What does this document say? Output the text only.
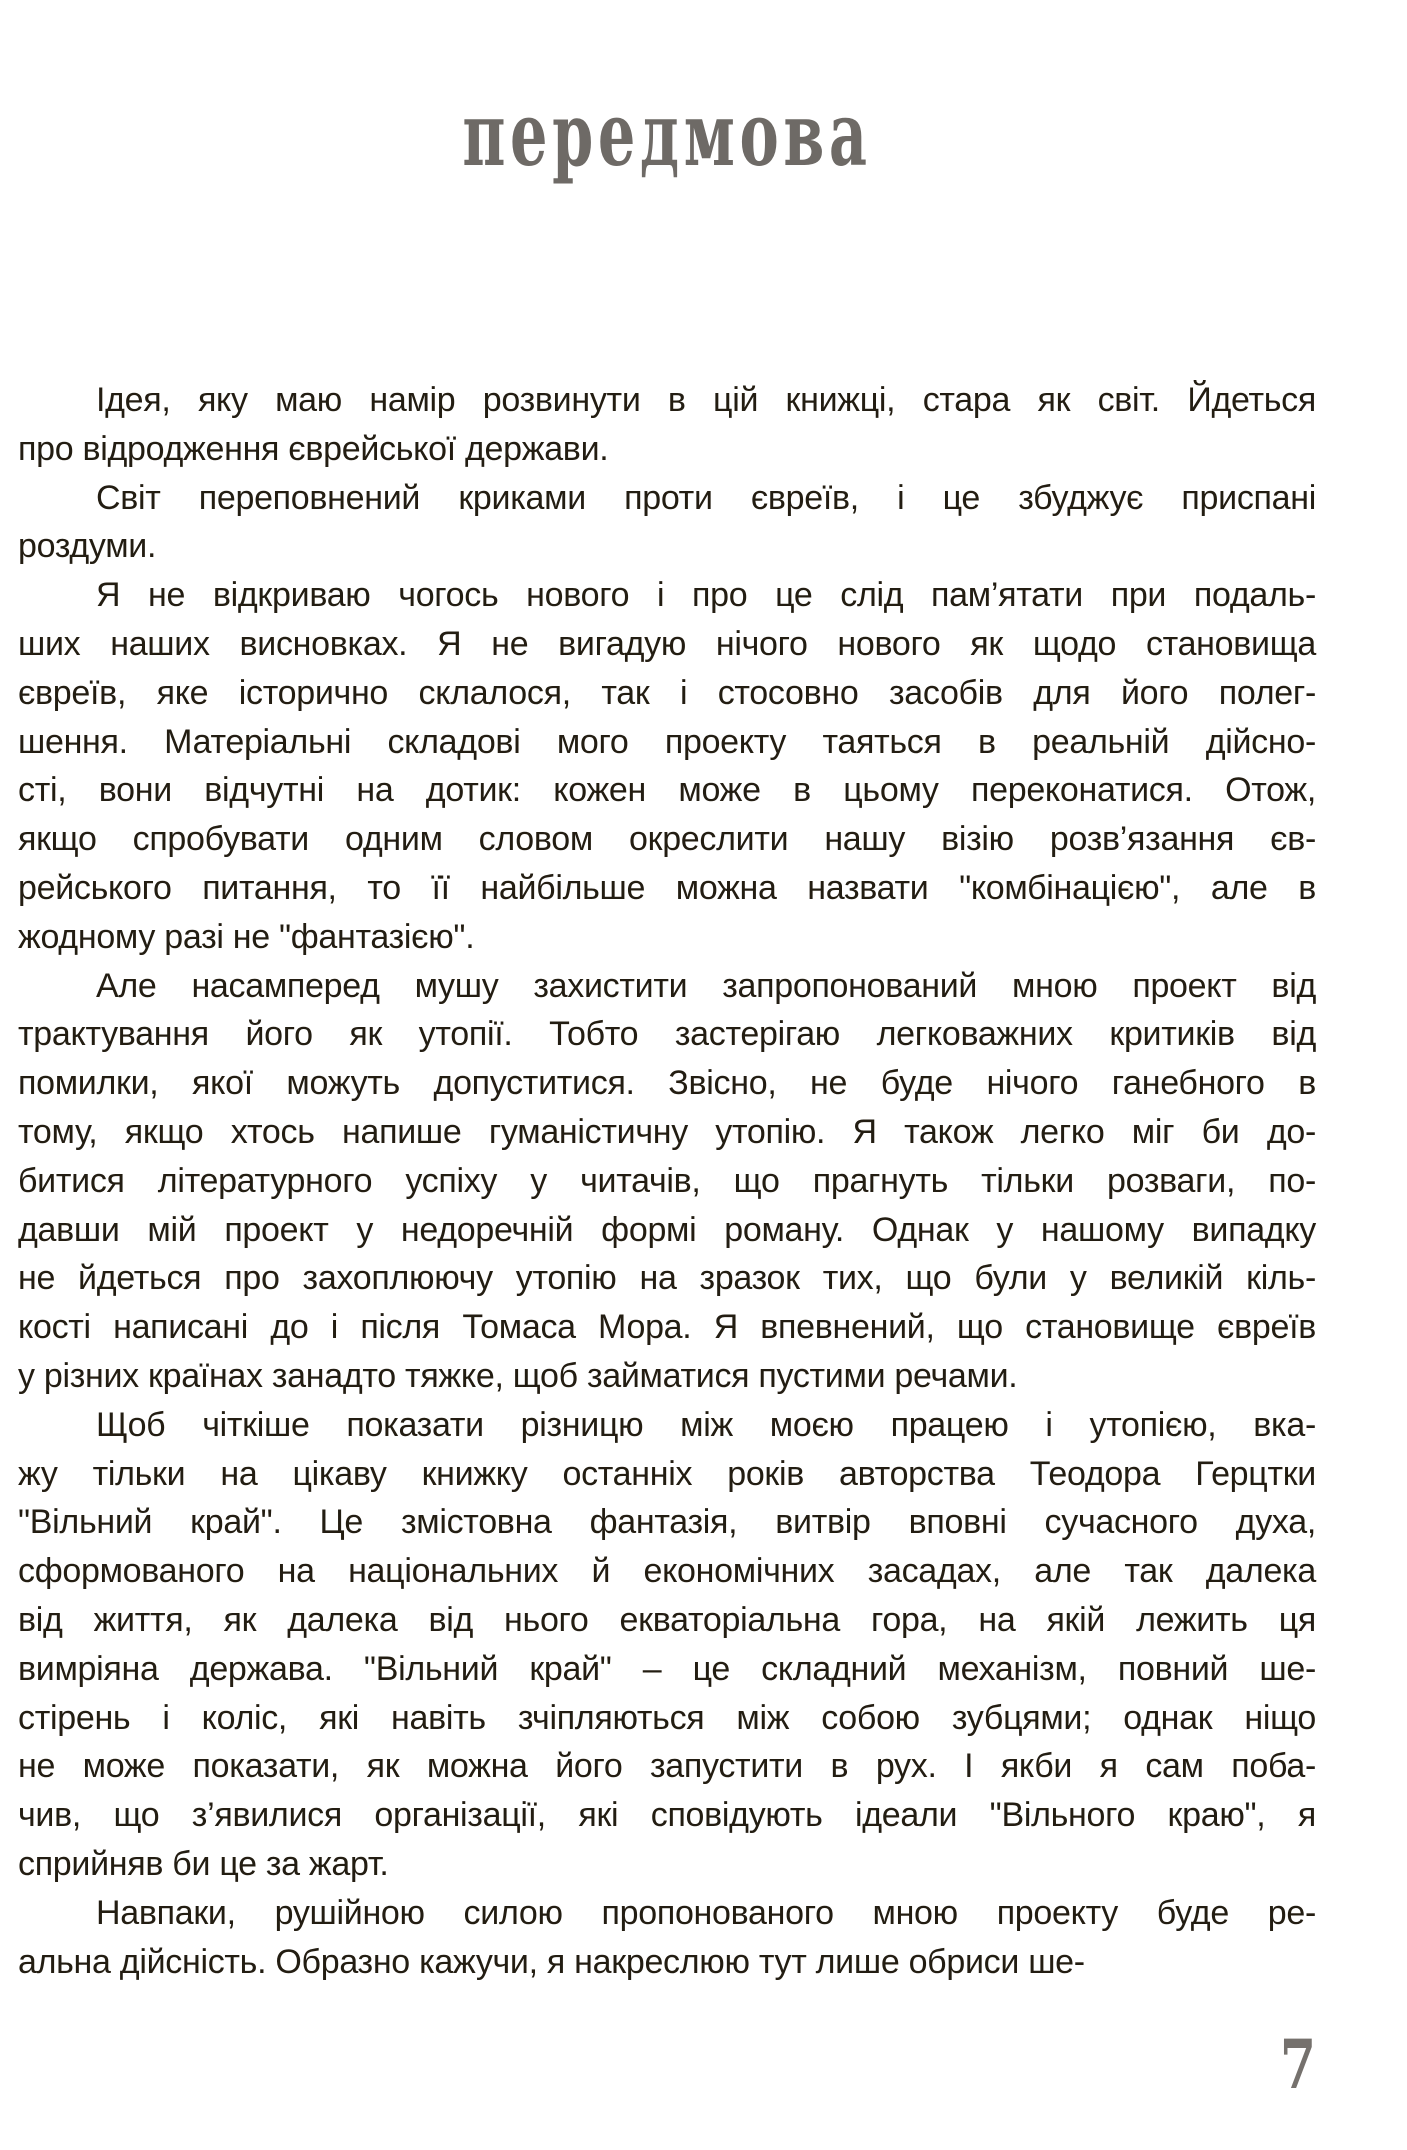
передмова
Ідея, яку маю намір розвинути в цій книжці, стара як світ. Йдеться
про відродження єврейської держави.
Світ переповнений криками проти євреїв, і це збуджує приспані
роздуми.
Я не відкриваю чогось нового і про це слід пам’ятати при подаль-
ших наших висновках. Я не вигадую нічого нового як щодо становища
євреїв, яке історично склалося, так і стосовно засобів для його полег-
шення. Матеріальні складові мого проекту таяться в реальній дійсно-
сті, вони відчутні на дотик: кожен може в цьому переконатися. Отож,
якщо спробувати одним словом окреслити нашу візію розв’язання єв-
рейського питання, то її найбільше можна назвати "комбінацією", але в
жодному разі не "фантазією".
Але насамперед мушу захистити запропонований мною проект від
трактування його як утопії. Тобто застерігаю легковажних критиків від
помилки, якої можуть допуститися. Звісно, не буде нічого ганебного в
тому, якщо хтось напише гуманістичну утопію. Я також легко міг би до-
битися літературного успіху у читачів, що прагнуть тільки розваги, по-
давши мій проект у недоречній формі роману. Однак у нашому випадку
не йдеться про захоплюючу утопію на зразок тих, що були у великій кіль-
кості написані до і після Томаса Мора. Я впевнений, що становище євреїв
у різних країнах занадто тяжке, щоб займатися пустими речами.
Щоб чіткіше показати різницю між моєю працею і утопією, вка-
жу тільки на цікаву книжку останніх років авторства Теодора Герцтки
"Вільний край". Це змістовна фантазія, витвір вповні сучасного духа,
сформованого на національних й економічних засадах, але так далека
від життя, як далека від нього екваторіальна гора, на якій лежить ця
вимріяна держава. "Вільний край" – це складний механізм, повний ше-
стірень і коліс, які навіть зчіпляються між собою зубцями; однак ніщо
не може показати, як можна його запустити в рух. І якби я сам поба-
чив, що з’явилися організації, які сповідують ідеали "Вільного краю", я
сприйняв би це за жарт.
Навпаки, рушійною силою пропонованого мною проекту буде ре-
альна дійсність. Образно кажучи, я накреслюю тут лише обриси ше-
7
